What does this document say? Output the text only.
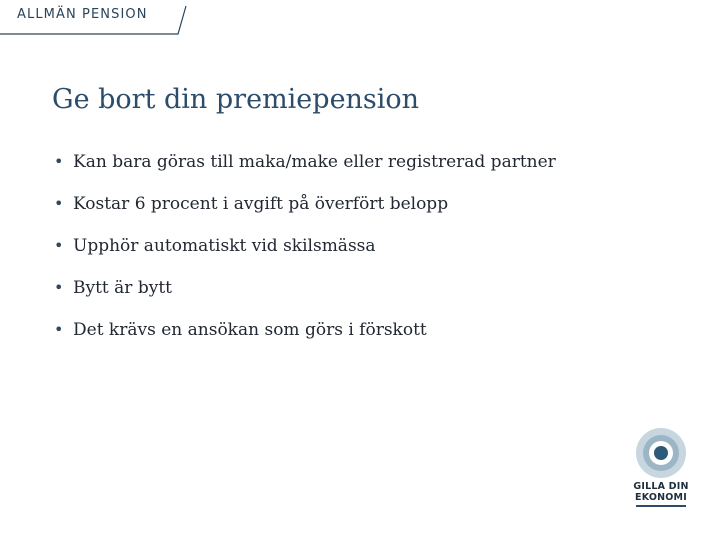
ALLMÄN PENSION
Ge bort din premiepension
• Kan bara göras till maka/make eller registrerad partner
• Kostar 6 procent i avgift på överfört belopp
• Upphör automatiskt vid skilsmässa
• Bytt är bytt
• Det krävs en ansökan som görs i förskott
GILLA DIN
EKONOMI
